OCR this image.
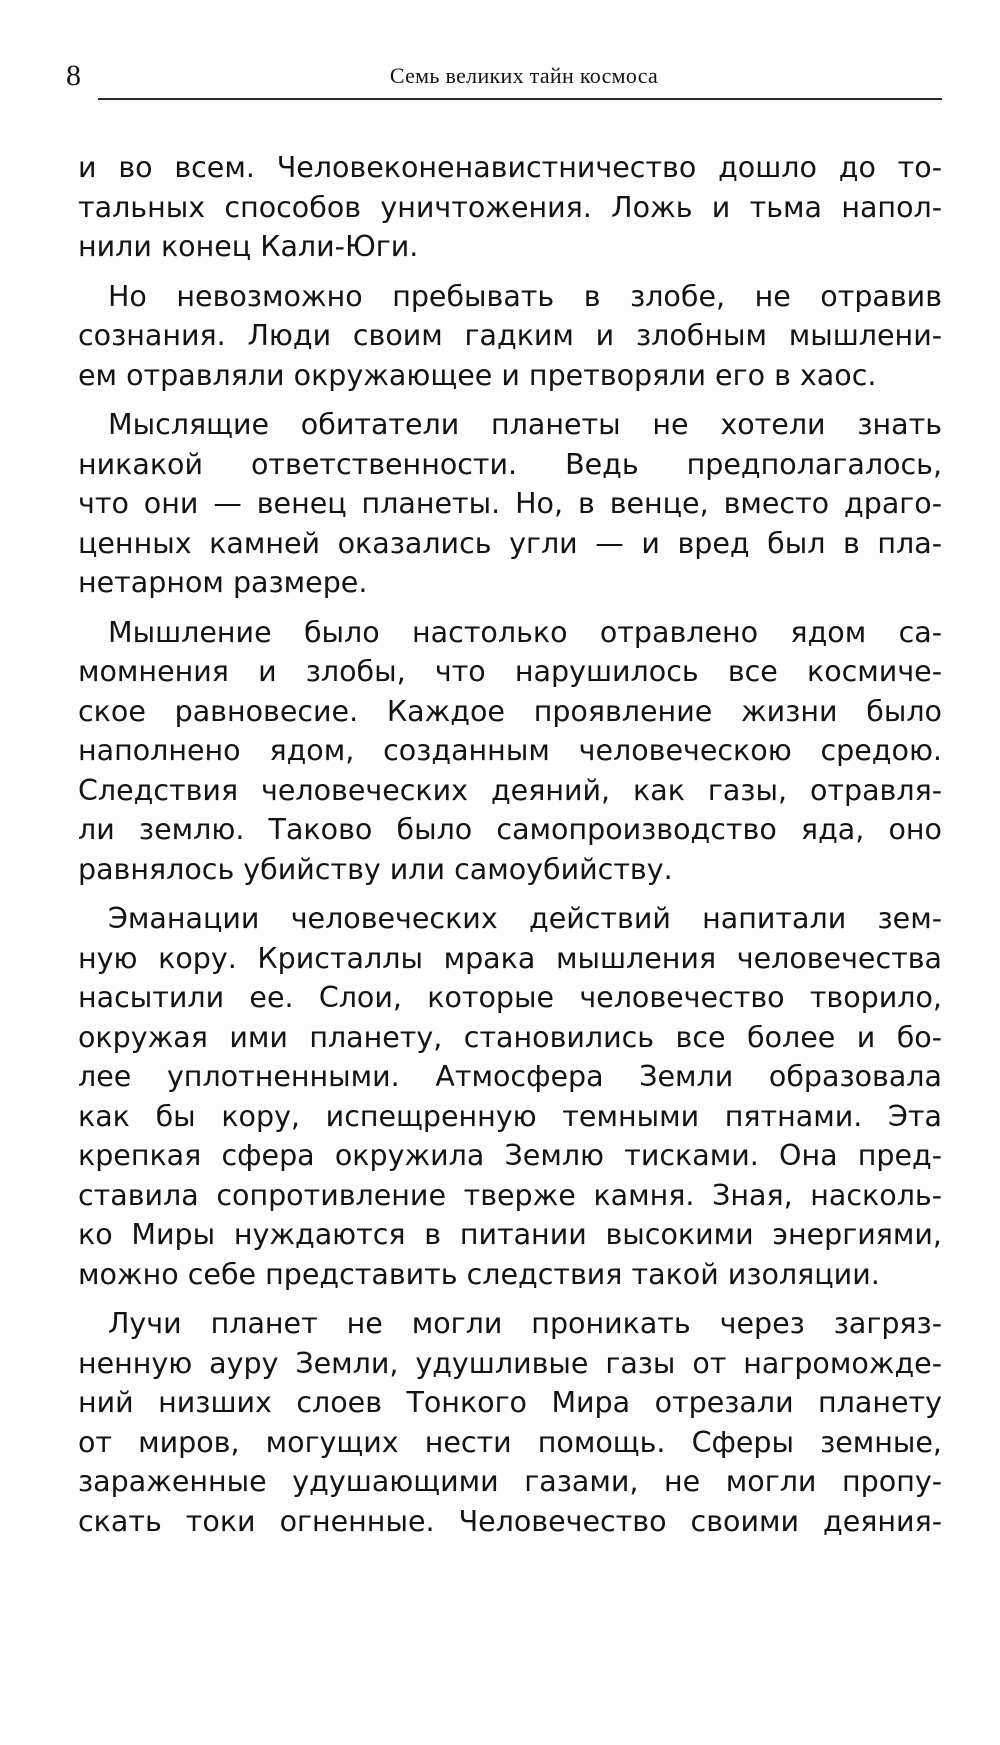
8	Семь великих тайн космоса
и во всем. Человеконенавистничество дошло до то-
тальных способов уничтожения. Ложь и тьма напол-
нили конец Кали-Юги.
Но невозможно пребывать в злобе, не отравив
сознания. Люди своим гадким и злобным мышлени-
ем отравляли окружающее и претворяли его в хаос.
Мыслящие обитатели планеты не хотели знать
никакой ответственности. Ведь предполагалось,
что они — венец планеты. Но, в венце, вместо драго-
ценных камней оказались угли — и вред был в пла-
нетарном размере.
Мышление было настолько отравлено ядом са-
момнения и злобы, что нарушилось все космиче-
ское равновесие. Каждое проявление жизни было
наполнено ядом, созданным человеческою средою.
Следствия человеческих деяний, как газы, отравля-
ли землю. Таково было самопроизводство яда, оно
равнялось убийству или самоубийству.
Эманации человеческих действий напитали зем-
ную кору. Кристаллы мрака мышления человечества
насытили ее. Слои, которые человечество творило,
окружая ими планету, становились все более и бо-
лее уплотненными. Атмосфера Земли образовала
как бы кору, испещренную темными пятнами. Эта
крепкая сфера окружила Землю тисками. Она пред-
ставила сопротивление тверже камня. Зная, насколь-
ко Миры нуждаются в питании высокими энергиями,
можно себе представить следствия такой изоляции.
Лучи планет не могли проникать через загряз-
ненную ауру Земли, удушливые газы от нагроможде-
ний низших слоев Тонкого Мира отрезали планету
от миров, могущих нести помощь. Сферы земные,
зараженные удушающими газами, не могли пропу-
скать токи огненные. Человечество своими деяния-
